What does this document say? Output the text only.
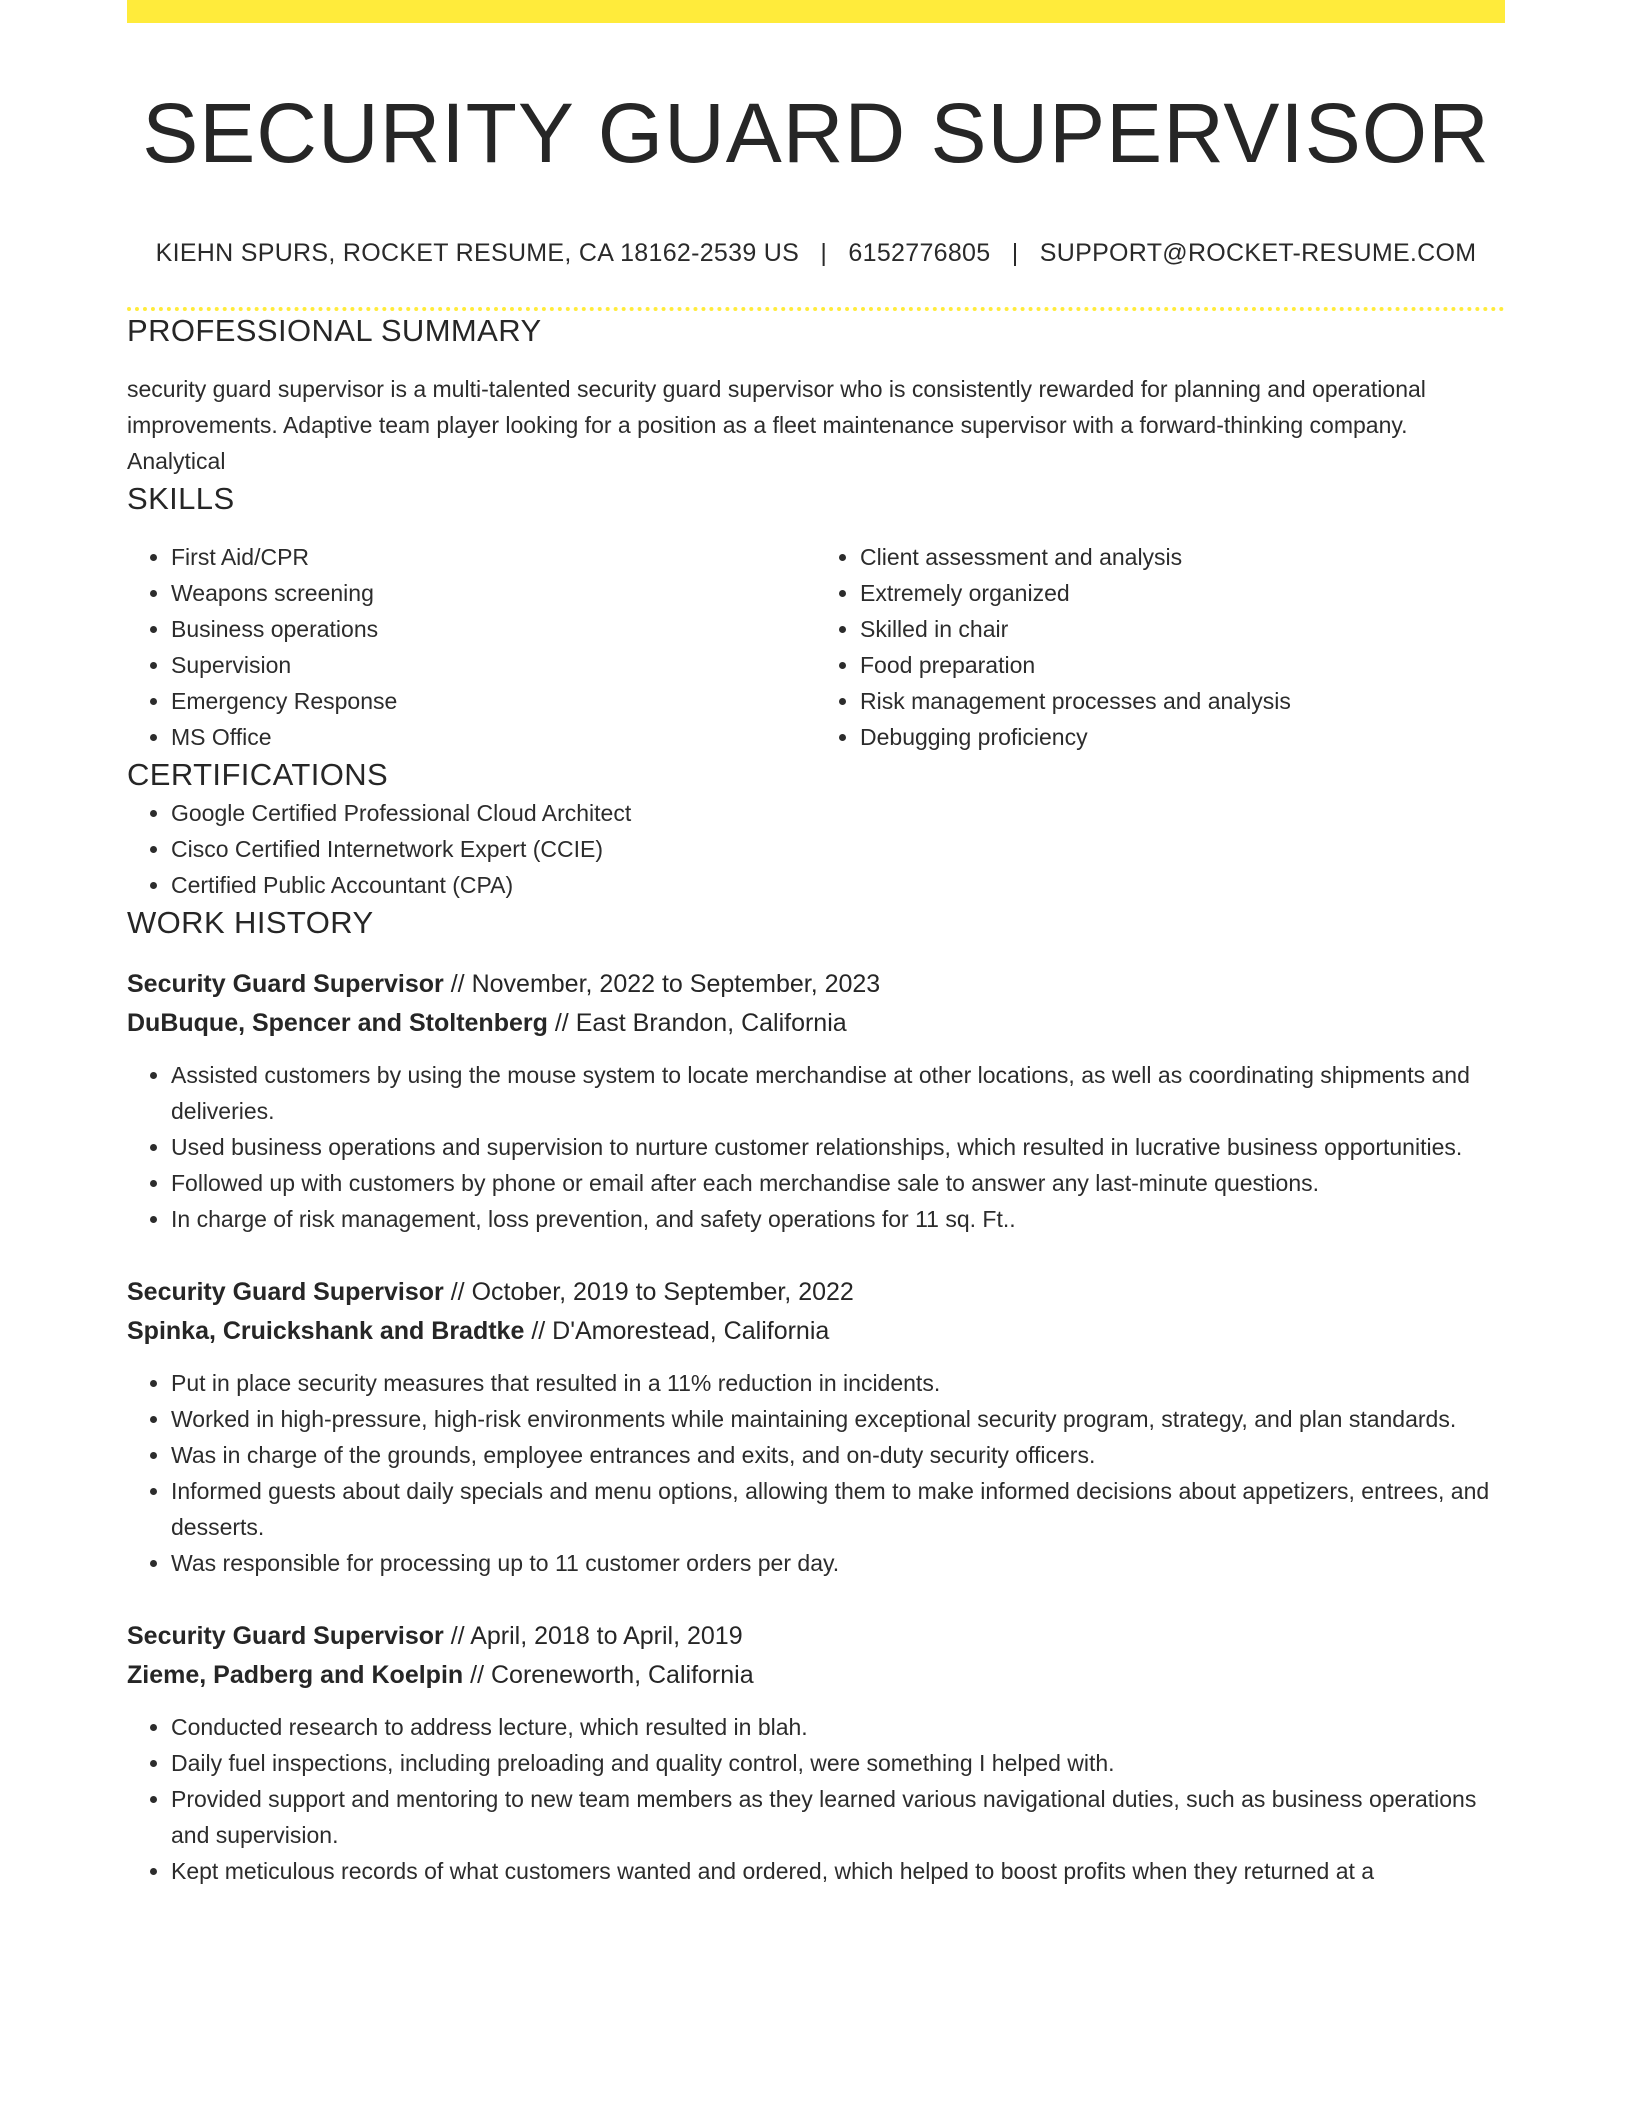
SECURITY GUARD SUPERVISOR
KIEHN SPURS, ROCKET RESUME, CA 18162-2539 US | 6152776805 | SUPPORT@ROCKET-RESUME.COM
PROFESSIONAL SUMMARY

security guard supervisor is a multi-talented security guard supervisor who is consistently rewarded for planning and operational improvements. Adaptive team player looking for a position as a fleet maintenance supervisor with a forward-thinking company. Analytical

SKILLS
• First Aid/CPR
• Weapons screening
• Business operations
• Supervision
• Emergency Response
• MS Office
• Client assessment and analysis
• Extremely organized
• Skilled in chair
• Food preparation
• Risk management processes and analysis
• Debugging proficiency
CERTIFICATIONS
• Google Certified Professional Cloud Architect
• Cisco Certified Internetwork Expert (CCIE)
• Certified Public Accountant (CPA)
WORK HISTORY
Security Guard Supervisor // November, 2022 to September, 2023
DuBuque, Spencer and Stoltenberg // East Brandon, California
• Assisted customers by using the mouse system to locate merchandise at other locations, as well as coordinating shipments and deliveries.
• Used business operations and supervision to nurture customer relationships, which resulted in lucrative business opportunities.
• Followed up with customers by phone or email after each merchandise sale to answer any last-minute questions.
• In charge of risk management, loss prevention, and safety operations for 11 sq. Ft..
Security Guard Supervisor // October, 2019 to September, 2022
Spinka, Cruickshank and Bradtke // D'Amorestead, California
• Put in place security measures that resulted in a 11% reduction in incidents.
• Worked in high-pressure, high-risk environments while maintaining exceptional security program, strategy, and plan standards.
• Was in charge of the grounds, employee entrances and exits, and on-duty security officers.
• Informed guests about daily specials and menu options, allowing them to make informed decisions about appetizers, entrees, and desserts.
• Was responsible for processing up to 11 customer orders per day.
Security Guard Supervisor // April, 2018 to April, 2019
Zieme, Padberg and Koelpin // Coreneworth, California
• Conducted research to address lecture, which resulted in blah.
• Daily fuel inspections, including preloading and quality control, were something I helped with.
• Provided support and mentoring to new team members as they learned various navigational duties, such as business operations and supervision.
• Kept meticulous records of what customers wanted and ordered, which helped to boost profits when they returned at a
